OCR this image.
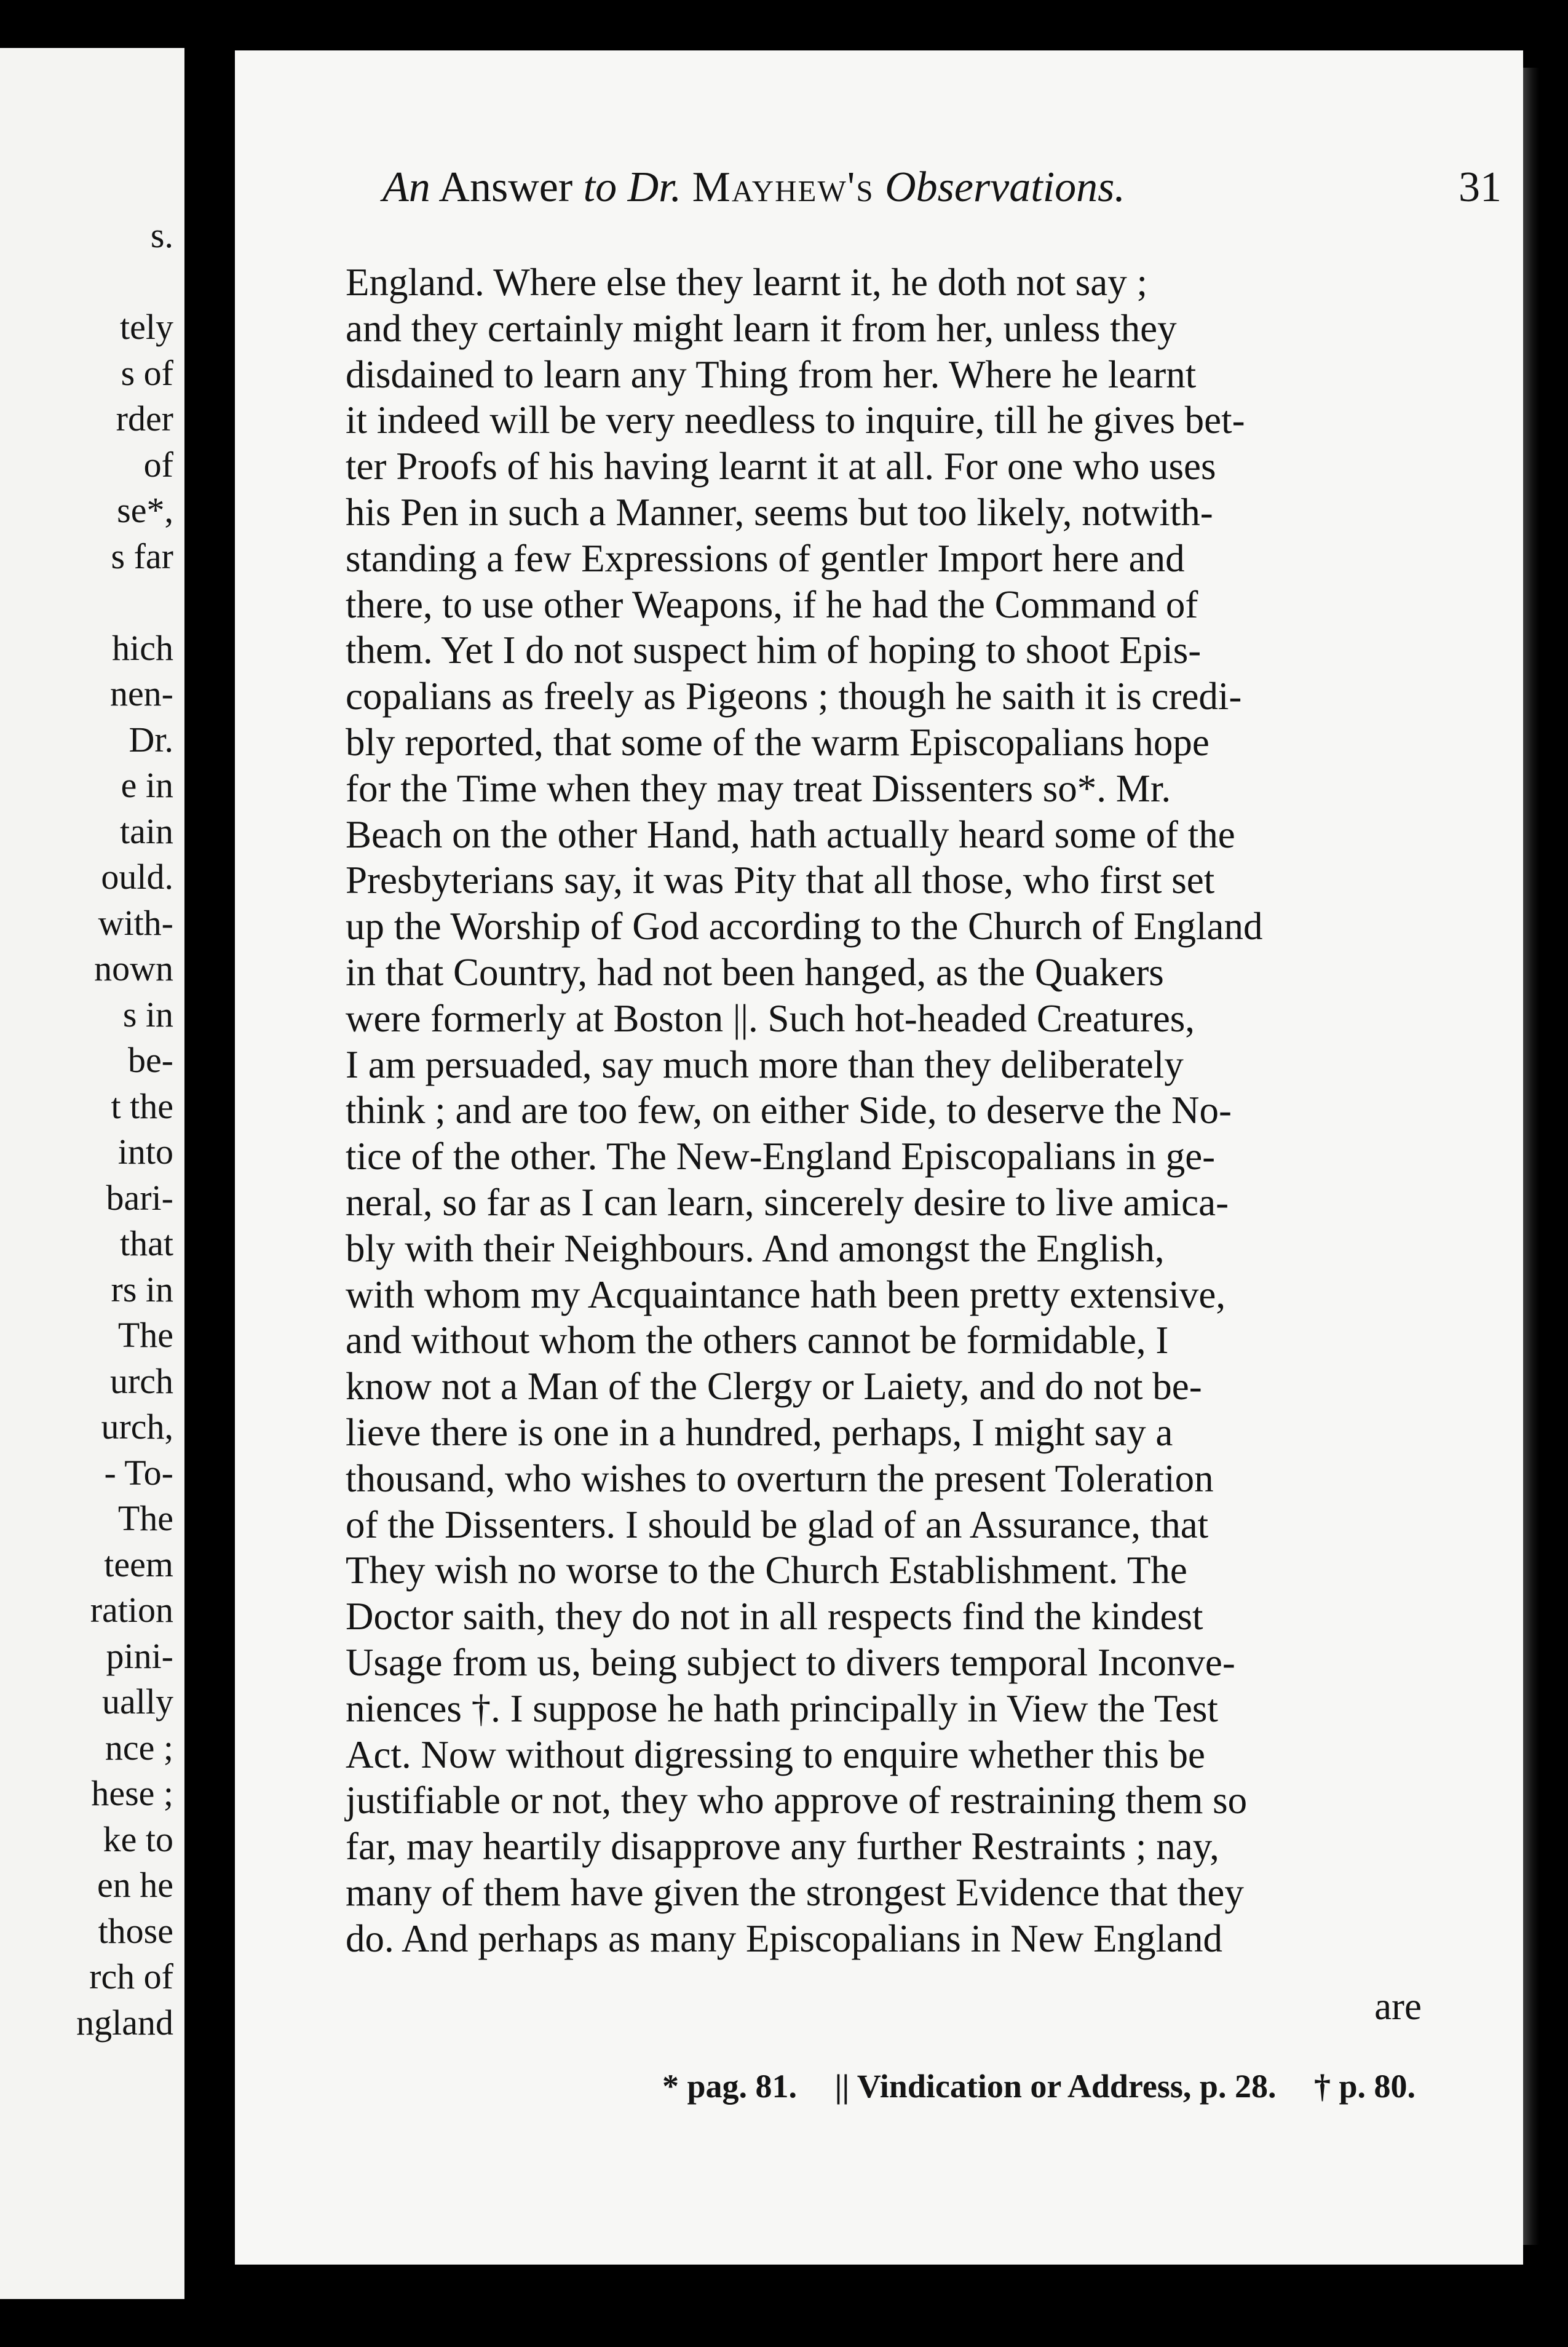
s.

tely
s of
rder
of
se*,
s far

hich
nen-
Dr.
e in
tain
ould.
with-
nown
s in
be-
t the
into
bari-
that
rs in
The
urch
urch,
- To-
The
teem
ration
pini-
ually
nce ;
hese ;
ke to
en he
those
rch of
ngland
An Answer to Dr. Mayhew's Observations.	31
England. Where else they learnt it, he doth not say ;
and they certainly might learn it from her, unless they
disdained to learn any Thing from her. Where he learnt
it indeed will be very needless to inquire, till he gives bet-
ter Proofs of his having learnt it at all. For one who uses
his Pen in such a Manner, seems but too likely, notwith-
standing a few Expressions of gentler Import here and
there, to use other Weapons, if he had the Command of
them. Yet I do not suspect him of hoping to shoot Epis-
copalians as freely as Pigeons ; though he saith it is credi-
bly reported, that some of the warm Episcopalians hope
for the Time when they may treat Dissenters so*. Mr.
Beach on the other Hand, hath actually heard some of the
Presbyterians say, it was Pity that all those, who first set
up the Worship of God according to the Church of England
in that Country, had not been hanged, as the Quakers
were formerly at Boston ||. Such hot-headed Creatures,
I am persuaded, say much more than they deliberately
think ; and are too few, on either Side, to deserve the No-
tice of the other. The New-England Episcopalians in ge-
neral, so far as I can learn, sincerely desire to live amica-
bly with their Neighbours. And amongst the English,
with whom my Acquaintance hath been pretty extensive,
and without whom the others cannot be formidable, I
know not a Man of the Clergy or Laiety, and do not be-
lieve there is one in a hundred, perhaps, I might say a
thousand, who wishes to overturn the present Toleration
of the Dissenters. I should be glad of an Assurance, that
They wish no worse to the Church Establishment. The
Doctor saith, they do not in all respects find the kindest
Usage from us, being subject to divers temporal Inconve-
niences †. I suppose he hath principally in View the Test
Act. Now without digressing to enquire whether this be
justifiable or not, they who approve of restraining them so
far, may heartily disapprove any further Restraints ; nay,
many of them have given the strongest Evidence that they
do. And perhaps as many Episcopalians in New England
are
* pag. 81. || Vindication or Address, p. 28. † p. 80.
